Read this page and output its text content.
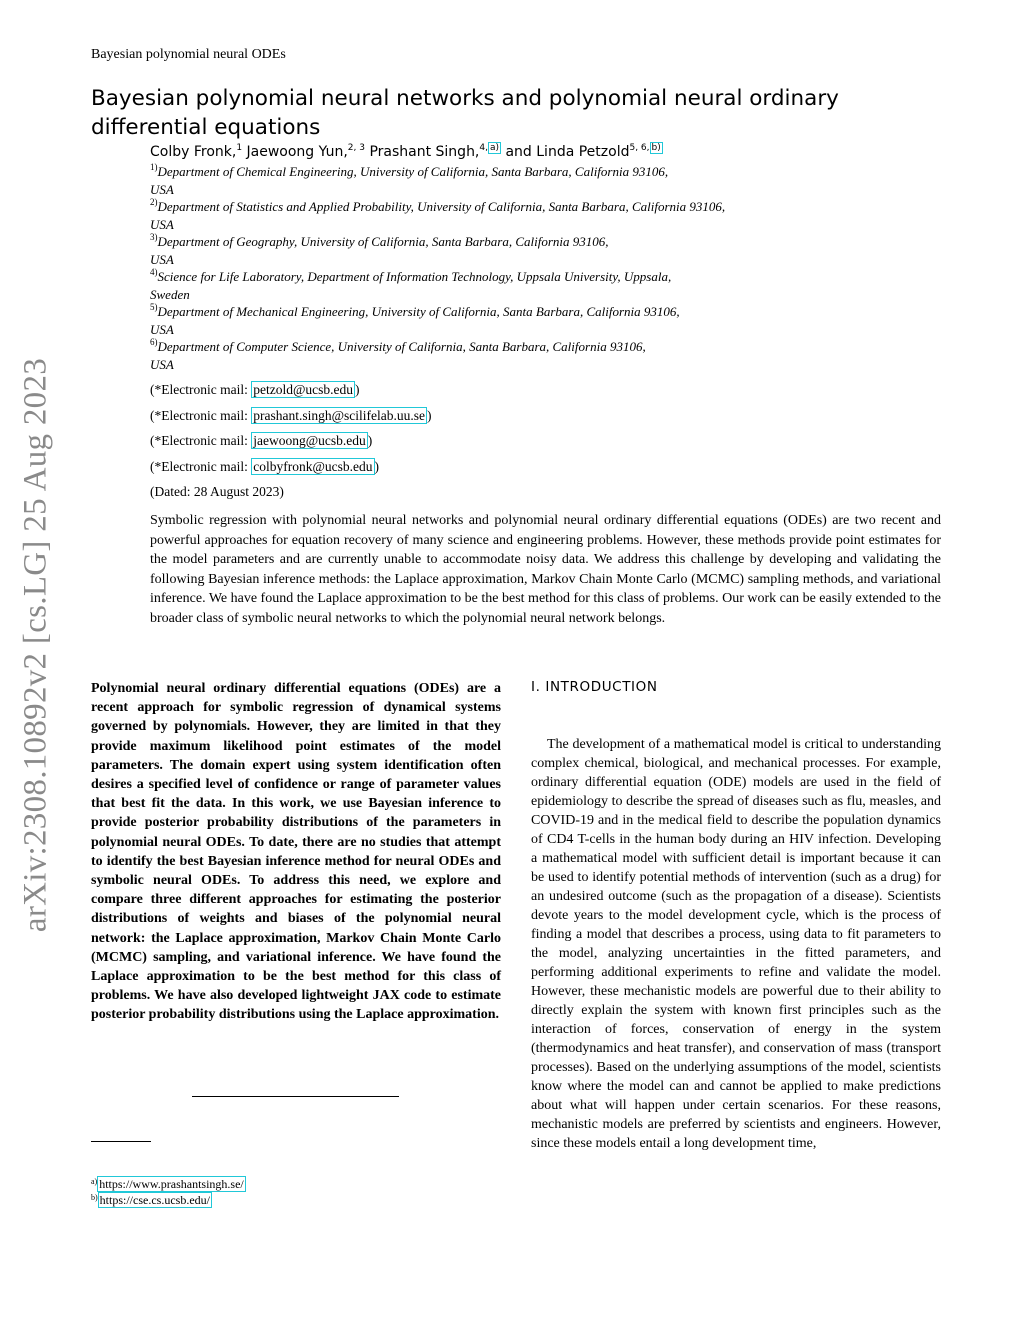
Bayesian polynomial neural ODEs
arXiv:2308.10892v2 [cs.LG] 25 Aug 2023
Bayesian polynomial neural networks and polynomial neural ordinary differential equations
Colby Fronk,$^1$ Jaewoong Yun,$^{2, 3}$ Prashant Singh,$^{4, a)}$ and Linda Petzold$^{5, 6, b)}$
$^{1)}$Department of Chemical Engineering, University of California, Santa Barbara, California 93106,
USA
$^{2)}$Department of Statistics and Applied Probability, University of California, Santa Barbara, California 93106,
USA
$^{3)}$Department of Geography, University of California, Santa Barbara, California 93106,
USA
$^{4)}$Science for Life Laboratory, Department of Information Technology, Uppsala University, Uppsala,
Sweden
$^{5)}$Department of Mechanical Engineering, University of California, Santa Barbara, California 93106,
USA
$^{6)}$Department of Computer Science, University of California, Santa Barbara, California 93106,
USA
(*Electronic mail: petzold@ucsb.edu )
(*Electronic mail: prashant.singh@scilifelab.uu.se )
(*Electronic mail: jaewoong@ucsb.edu )
(*Electronic mail: colbyfronk@ucsb.edu )
(Dated: 28 August 2023)

Symbolic regression with polynomial neural networks and polynomial neural ordinary differential equations (ODEs) are two recent and powerful approaches for equation recovery of many science and engineering problems. However, these methods provide point estimates for the model parameters and are currently unable to accommodate noisy data. We address this challenge by developing and validating the following Bayesian inference methods: the Laplace approximation, Markov Chain Monte Carlo (MCMC) sampling methods, and variational inference. We have found the Laplace approximation to be the best method for this class of problems. Our work can be easily extended to the broader class of symbolic neural networks to which the polynomial neural network belongs.

Polynomial neural ordinary differential equations (ODEs) are a recent approach for symbolic regression of dynamical systems governed by polynomials. However, they are limited in that they provide maximum likelihood point estimates of the model parameters. The domain expert using system identification often desires a specified level of confidence or range of parameter values that best fit the data. In this work, we use Bayesian inference to provide posterior probability distributions of the parameters in polynomial neural ODEs. To date, there are no studies that attempt to identify the best Bayesian inference method for neural ODEs and symbolic neural ODEs. To address this need, we explore and compare three different approaches for estimating the posterior distributions of weights and biases of the polynomial neural network: the Laplace approximation, Markov Chain Monte Carlo (MCMC) sampling, and variational inference. We have found the Laplace approximation to be the best method for this class of problems. We have also developed lightweight JAX code to estimate posterior probability distributions using the Laplace approximation.

$^{a)}$ https://www.prashantsingh.se/
$^{b)}$ https://cse.cs.ucsb.edu/
I. INTRODUCTION

The development of a mathematical model is critical to understanding complex chemical, biological, and mechanical processes. For example, ordinary differential equation (ODE) models are used in the field of epidemiology to describe the spread of diseases such as flu, measles, and COVID-19 and in the medical field to describe the population dynamics of CD4 T-cells in the human body during an HIV infection. Developing a mathematical model with sufficient detail is important because it can be used to identify potential methods of intervention (such as a drug) for an undesired outcome (such as the propagation of a disease). Scientists devote years to the model development cycle, which is the process of finding a model that describes a process, using data to fit parameters to the model, analyzing uncertainties in the fitted parameters, and performing additional experiments to refine and validate the model. However, these mechanistic models are powerful due to their ability to directly explain the system with known first principles such as the interaction of forces, conservation of energy in the system (thermodynamics and heat transfer), and conservation of mass (transport processes). Based on the underlying assumptions of the model, scientists know where the model can and cannot be applied to make predictions about what will happen under certain scenarios. For these reasons, mechanistic models are preferred by scientists and engineers. However, since these models entail a long development time,
